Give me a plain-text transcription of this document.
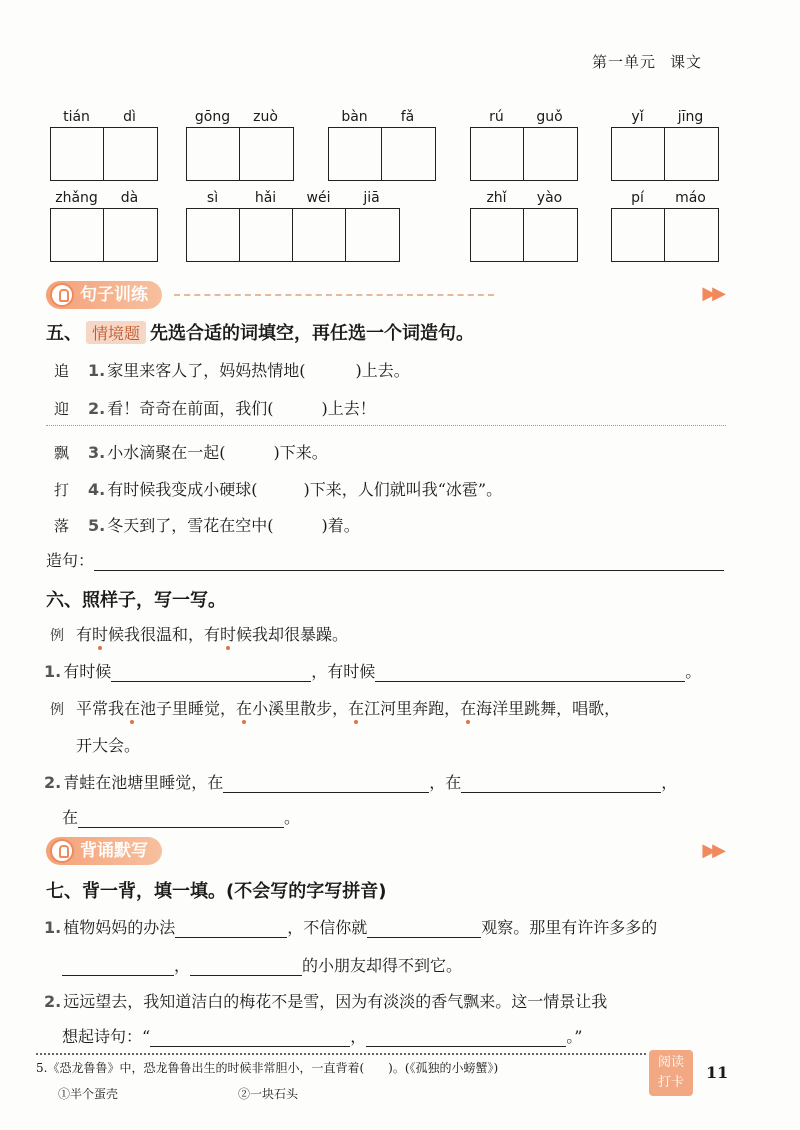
第一单元 课文
tián	dì	gōng	zuò	bàn	fǎ	rú	guǒ	yǐ	jīng
zhǎng	dà	sì	hǎi	wéi	jiā	zhǐ	yào	pí	máo
句子训练	▶▶
五、 情境题 先选合适的词填空，再任选一个词造句。
追 1. 家里来客人了，妈妈热情地(	)上去。
迎 2. 看！奇奇在前面，我们(	)上去！
飘 3. 小水滴聚在一起(	)下来。
打 4. 有时候我变成小硬球(	)下来，人们就叫我“冰雹”。
落 5. 冬天到了，雪花在空中(	)着。
造句：
六、照样子，写一写。
例 有时候我很温和，有时候我却很暴躁。
1. 有时候	，有时候	。
例 平常我在池子里睡觉，在小溪里散步，在江河里奔跑，在海洋里跳舞，唱歌，
开大会。
2. 青蛙在池塘里睡觉，在	，在	，
在	。
背诵默写	▶▶
七、背一背，填一填。(不会写的字写拼音)
1. 植物妈妈的办法	，不信你就	观察。那里有许许多多的
，	的小朋友却得不到它。
2. 远远望去，我知道洁白的梅花不是雪，因为有淡淡的香气飘来。这一情景让我
想起诗句：“	，	。”
5.《恐龙鲁鲁》中，恐龙鲁鲁出生的时候非常胆小，一直背着(　　)。(《孤独的小螃蟹》)
①半个蛋壳	②一块石头
阅读
打卡
11
